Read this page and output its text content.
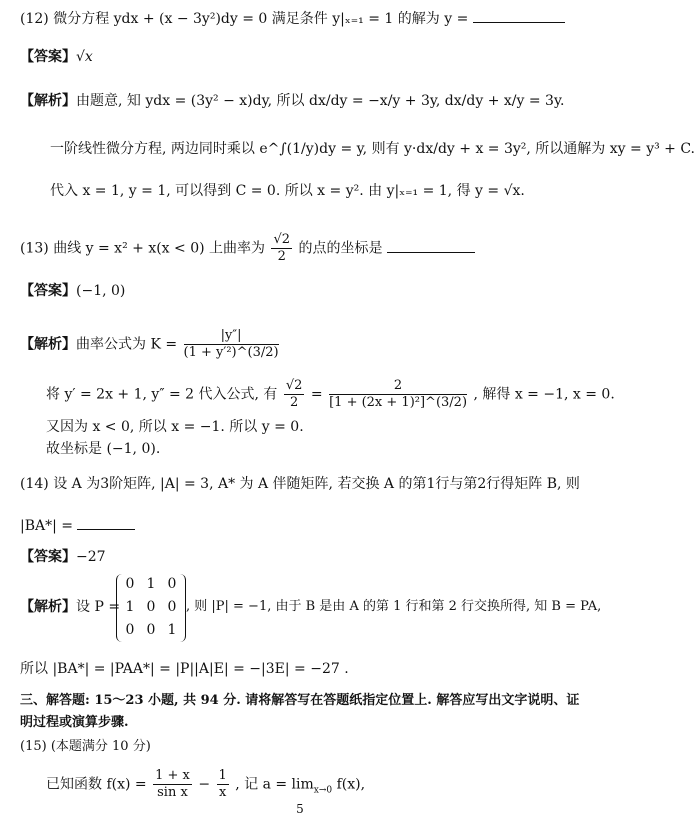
(12) 微分方程 ydx + (x − 3y²)dy = 0 满足条件 y|ₓ₌₁ = 1 的解为 y =
【答案】√x
【解析】由题意, 知 ydx = (3y² − x)dy, 所以 dx/dy = −x/y + 3y, dx/dy + x/y = 3y.
一阶线性微分方程, 两边同时乘以 e^∫(1/y)dy = y, 则有 y·dx/dy + x = 3y², 所以通解为 xy = y³ + C.
代入 x = 1, y = 1, 可以得到 C = 0. 所以 x = y². 由 y|ₓ₌₁ = 1, 得 y = √x.
(13) 曲线 y = x² + x(x < 0) 上曲率为 $\frac{√2}{2}$ 的点的坐标是
【答案】(−1, 0)
【解析】曲率公式为 $K = \frac{|y''|}{\text{(1 + y′²)\textasciicircum{}(3/2)}}$
将 y′ = 2x + 1, y″ = 2 代入公式, 有 $\frac{√2}{2} = \frac{2}{\text{[1 + (2x + 1)²]\textasciicircum{}(3/2)}}$ , 解得 x = −1, x = 0.
又因为 x < 0, 所以 x = −1. 所以 y = 0.
故坐标是 (−1, 0).
(14) 设 A 为3阶矩阵, |A| = 3, A* 为 A 伴随矩阵, 若交换 A 的第1行与第2行得矩阵 B, 则
|BA*| =
【答案】−27
【解析】设 P =
0 1 0
1 0 0
0 0 1
, 则 |P| = −1, 由于 B 是由 A 的第 1 行和第 2 行交换所得, 知 B = PA,
所以 |BA*| = |PAA*| = |P||A|E| = −|3E| = −27 .
三、解答题: 15～23 小题, 共 94 分. 请将解答写在答题纸指定位置上. 解答应写出文字说明、证
明过程或演算步骤.
(15) (本题满分 10 分)
已知函数 $f(x) = \frac{1 + x}{\text{sin x}} - \frac{1}{x}$ , 记 $a = \lim_{x\to 0} f(x)$,
5
